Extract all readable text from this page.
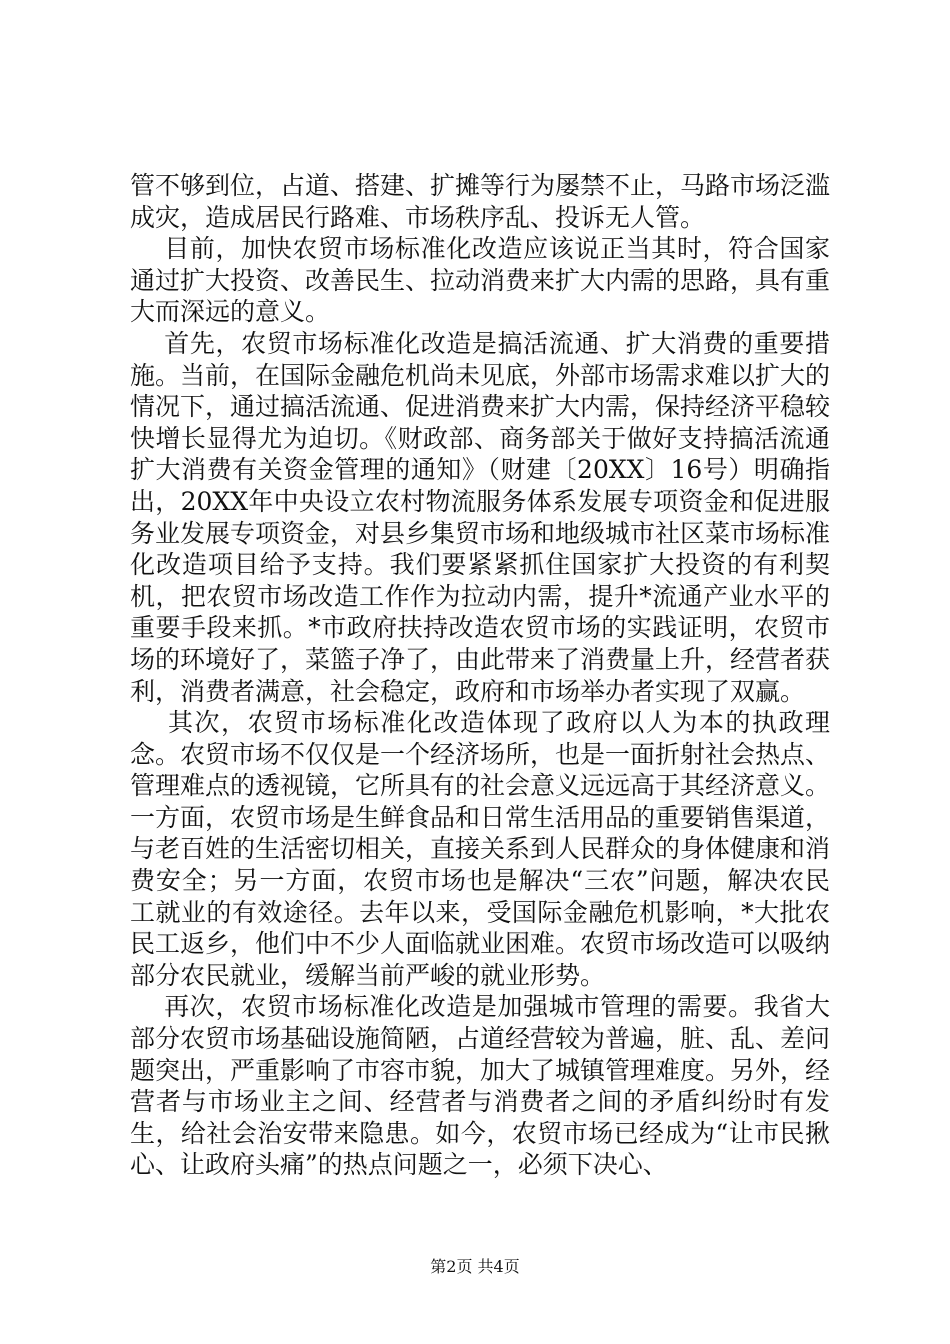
管不够到位，占道、搭建、扩摊等行为屡禁不止，马路市场泛滥成灾，造成居民行路难、市场秩序乱、投诉无人管。

目前，加快农贸市场标准化改造应该说正当其时，符合国家通过扩大投资、改善民生、拉动消费来扩大内需的思路，具有重大而深远的意义。

首先，农贸市场标准化改造是搞活流通、扩大消费的重要措施。当前，在国际金融危机尚未见底，外部市场需求难以扩大的情况下，通过搞活流通、促进消费来扩大内需，保持经济平稳较快增长显得尤为迫切。《财政部、商务部关于做好支持搞活流通扩大消费有关资金管理的通知》（财建〔20XX〕16号）明确指出，20XX年中央设立农村物流服务体系发展专项资金和促进服务业发展专项资金，对县乡集贸市场和地级城市社区菜市场标准化改造项目给予支持。我们要紧紧抓住国家扩大投资的有利契机，把农贸市场改造工作作为拉动内需，提升*流通产业水平的重要手段来抓。*市政府扶持改造农贸市场的实践证明，农贸市场的环境好了，菜篮子净了，由此带来了消费量上升，经营者获利，消费者满意，社会稳定，政府和市场举办者实现了双赢。

其次，农贸市场标准化改造体现了政府以人为本的执政理念。农贸市场不仅仅是一个经济场所，也是一面折射社会热点、管理难点的透视镜，它所具有的社会意义远远高于其经济意义。一方面，农贸市场是生鲜食品和日常生活用品的重要销售渠道，与老百姓的生活密切相关，直接关系到人民群众的身体健康和消费安全；另一方面，农贸市场也是解决“三农”问题，解决农民工就业的有效途径。去年以来，受国际金融危机影响，*大批农民工返乡，他们中不少人面临就业困难。农贸市场改造可以吸纳部分农民就业，缓解当前严峻的就业形势。

再次，农贸市场标准化改造是加强城市管理的需要。我省大部分农贸市场基础设施简陋，占道经营较为普遍，脏、乱、差问题突出，严重影响了市容市貌，加大了城镇管理难度。另外，经营者与市场业主之间、经营者与消费者之间的矛盾纠纷时有发生，给社会治安带来隐患。如今，农贸市场已经成为“让市民揪心、让政府头痛”的热点问题之一，必须下决心、

第2页 共4页
